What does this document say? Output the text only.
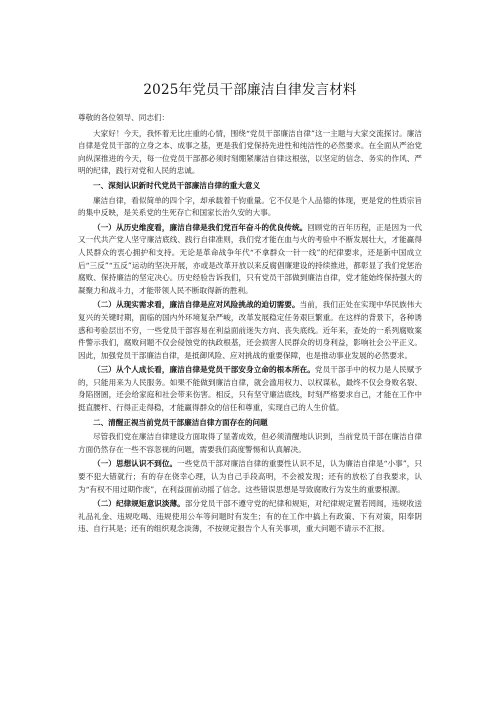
2025年党员干部廉洁自律发言材料

尊敬的各位领导、同志们：

大家好！今天，我怀着无比庄重的心情，围绕“党员干部廉洁自律”这一主题与大家交流探讨。廉洁自律是党员干部的立身之本、成事之基，更是我们党保持先进性和纯洁性的必然要求。在全面从严治党向纵深推进的今天，每一位党员干部都必须时刻绷紧廉洁自律这根弦，以坚定的信念、务实的作风、严明的纪律，践行对党和人民的忠诚。

一、深刻认识新时代党员干部廉洁自律的重大意义

廉洁自律，看似简单的四个字，却承载着千钧重量。它不仅是个人品德的体现，更是党的性质宗旨的集中反映，是关系党的生死存亡和国家长治久安的大事。

（一）从历史维度看，廉洁自律是我们党百年奋斗的优良传统。回顾党的百年历程，正是因为一代又一代共产党人坚守廉洁底线、践行自律准则，我们党才能在血与火的考验中不断发展壮大，才能赢得人民群众的衷心拥护和支持。无论是革命战争年代“不拿群众一针一线”的纪律要求，还是新中国成立后“三反”“五反”运动的坚决开展，亦或是改革开放以来反腐倡廉建设的持续推进，都彰显了我们党惩治腐败、保持廉洁的坚定决心。历史经验告诉我们，只有党员干部做到廉洁自律，党才能始终保持强大的凝聚力和战斗力，才能带领人民不断取得新的胜利。

（二）从现实需求看，廉洁自律是应对风险挑战的迫切需要。当前，我们正处在实现中华民族伟大复兴的关键时期，面临的国内外环境复杂严峻，改革发展稳定任务艰巨繁重。在这样的背景下，各种诱惑和考验层出不穷，一些党员干部容易在利益面前迷失方向、丧失底线。近年来，查处的一系列腐败案件警示我们，腐败问题不仅会侵蚀党的执政根基，还会损害人民群众的切身利益，影响社会公平正义。因此，加强党员干部廉洁自律，是抵御风险、应对挑战的重要保障，也是推动事业发展的必然要求。

（三）从个人成长看，廉洁自律是党员干部安身立命的根本所在。党员干部手中的权力是人民赋予的，只能用来为人民服务。如果不能做到廉洁自律，就会滥用权力、以权谋私，最终不仅会身败名裂、身陷囹圄，还会给家庭和社会带来伤害。相反，只有坚守廉洁底线，时刻严格要求自己，才能在工作中挺直腰杆、行得正走得稳，才能赢得群众的信任和尊重，实现自己的人生价值。

二、清醒正视当前党员干部廉洁自律方面存在的问题

尽管我们党在廉洁自律建设方面取得了显著成效，但必须清醒地认识到，当前党员干部在廉洁自律方面仍然存在一些不容忽视的问题，需要我们高度警惕和认真解决。

（一）思想认识不到位。一些党员干部对廉洁自律的重要性认识不足，认为廉洁自律是“小事”，只要不犯大错就行；有的存在侥幸心理，认为自己手段高明，不会被发现；还有的放松了自我要求，认为“有权不用过期作废”，在利益面前动摇了信念。这些错误思想是导致腐败行为发生的重要根源。

（二）纪律规矩意识淡薄。部分党员干部不遵守党的纪律和规矩，对纪律规定置若罔闻，违规收送礼品礼金、违规吃喝、违规使用公车等问题时有发生；有的在工作中搞上有政策、下有对策，阳奉阴违、自行其是；还有的组织观念淡薄，不按规定报告个人有关事项，重大问题不请示不汇报。
